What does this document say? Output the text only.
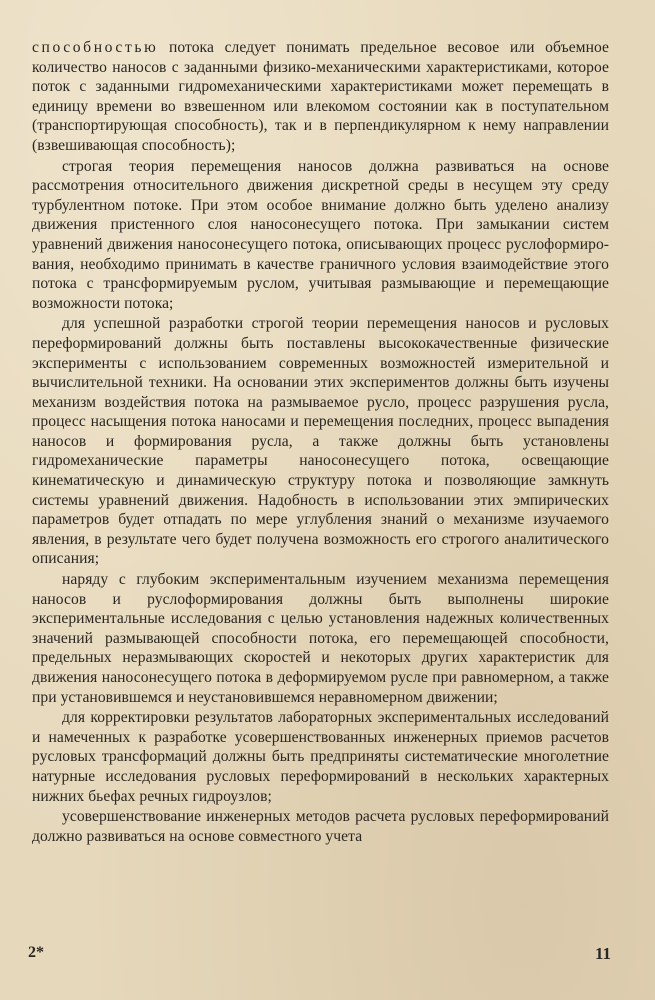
способностью потока следует понимать предельное весовое или объемное количество наносов с заданными физико-механическими характеристиками, которое поток с заданными гидромеханическими характеристиками может перемещать в единицу времени во взвешенном или влекомом состоянии как в поступательном (транспортирующая способность), так и в перпендикулярном к нему направлении (взвешивающая способность);

строгая теория перемещения наносов должна развиваться на основе рассмотрения относительного движения дискретной среды в несущем эту среду турбулентном потоке. При этом особое внимание должно быть уделено анализу движения пристенного слоя наносонесущего потока. При замыкании систем уравнений движения наносонесущего потока, описывающих процесс руслоформирования, необходимо принимать в качестве граничного условия взаимодействие этого потока с трансформируемым руслом, учитывая размывающие и перемещающие возможности потока;

для успешной разработки строгой теории перемещения наносов и русловых переформирований должны быть поставлены высококачественные физические эксперименты с использованием современных возможностей измерительной и вычислительной техники. На основании этих экспериментов должны быть изучены механизм воздействия потока на размываемое русло, процесс разрушения русла, процесс насыщения потока наносами и перемещения последних, процесс выпадения наносов и формирования русла, а также должны быть установлены гидромеханические параметры наносонесущего потока, освещающие кинематическую и динамическую структуру потока и позволяющие замкнуть системы уравнений движения. Надобность в использовании этих эмпирических параметров будет отпадать по мере углубления знаний о механизме изучаемого явления, в результате чего будет получена возможность его строгого аналитического описания;

наряду с глубоким экспериментальным изучением механизма перемещения наносов и руслоформирования должны быть выполнены широкие экспериментальные исследования с целью установления надежных количественных значений размывающей способности потока, его перемещающей способности, предельных неразмывающих скоростей и некоторых других характеристик для движения наносонесущего потока в деформируемом русле при равномерном, а также при установившемся и неустановившемся неравномерном движении;

для корректировки результатов лабораторных экспериментальных исследований и намеченных к разработке усовершенствованных инженерных приемов расчетов русловых трансформаций должны быть предприняты систематические многолетние натурные исследования русловых переформирований в нескольких характерных нижних бьефах речных гидроузлов;

усовершенствование инженерных методов расчета русловых переформирований должно развиваться на основе совместного учета

2*	11
